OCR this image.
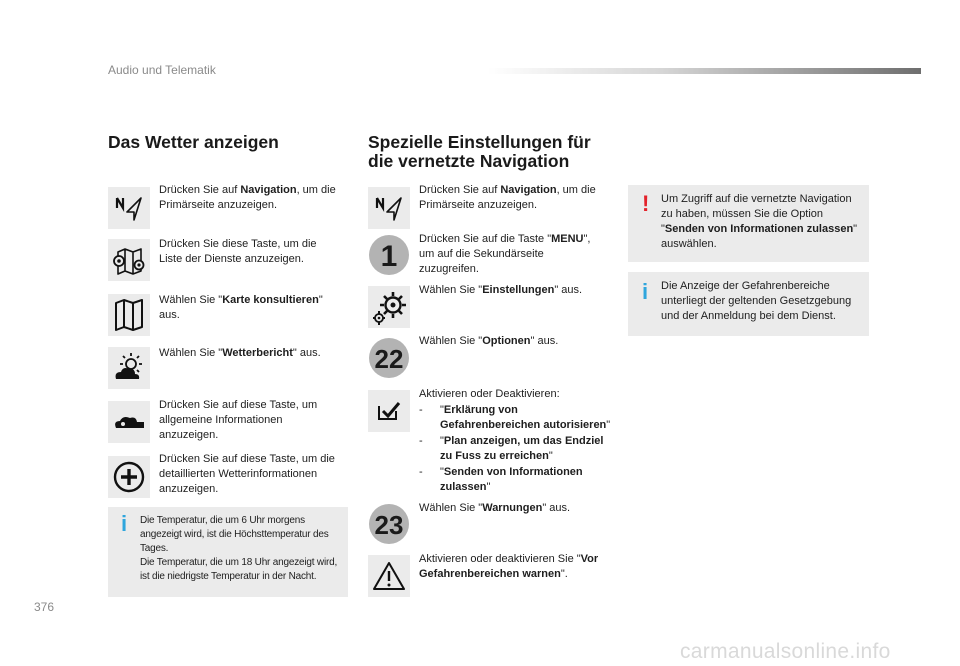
Audio und Telematik
Das Wetter anzeigen	Spezielle Einstellungen für
die vernetzte Navigation
Drücken Sie auf Navigation, um die Primärseite anzuzeigen.
Drücken Sie diese Taste, um die Liste der Dienste anzuzeigen.
Wählen Sie "Karte konsultieren" aus.
Wählen Sie "Wetterbericht" aus.
Drücken Sie auf diese Taste, um allgemeine Informationen anzuzeigen.
Drücken Sie auf diese Taste, um die detaillierten Wetterinformationen anzuzeigen.
i Die Temperatur, die um 6 Uhr morgens angezeigt wird, ist die Höchsttemperatur des Tages.
Die Temperatur, die um 18 Uhr angezeigt wird, ist die niedrigste Temperatur in der Nacht.
1
22
23
Drücken Sie auf Navigation, um die Primärseite anzuzeigen.
Drücken Sie auf die Taste "MENU", um auf die Sekundärseite zuzugreifen.
Wählen Sie "Einstellungen" aus.
Wählen Sie "Optionen" aus.
Aktivieren oder Deaktivieren:
-	"Erklärung von Gefahrenbereichen autorisieren"
-	"Plan anzeigen, um das Endziel zu Fuss zu erreichen"
-	"Senden von Informationen zulassen"
Wählen Sie "Warnungen" aus.
Aktivieren oder deaktivieren Sie "Vor Gefahrenbereichen warnen".
! Um Zugriff auf die vernetzte Navigation zu haben, müssen Sie die Option "Senden von Informationen zulassen" auswählen.
i Die Anzeige der Gefahrenbereiche unterliegt der geltenden Gesetzgebung und der Anmeldung bei dem Dienst.
376
carmanualsonline.info
